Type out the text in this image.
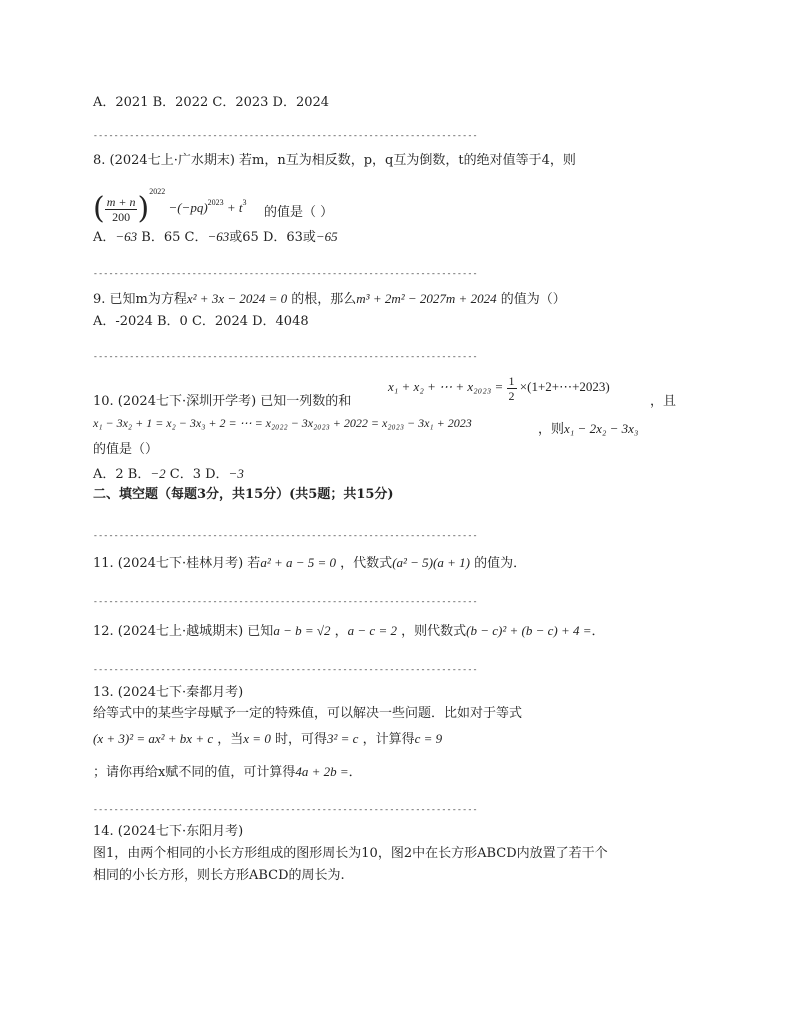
A．2021 B．2022 C．2023 D．2024
--------------------------------------------------------------------------
8. (2024七上·广水期末) 若m，n互为相反数，p，q互为倒数，t的绝对值等于4，则
( $\frac{m + n}{200} )^{2022} -(-pq)^{2023} + t^3$
的值是（ ）
A．−63 B．65 C．−63或65 D．63或−65
--------------------------------------------------------------------------
9. 已知m为方程x² + 3x − 2024 = 0 的根，那么m³ + 2m² − 2027m + 2024 的值为（）
A．-2024 B．0 C．2024 D．4048
--------------------------------------------------------------------------
x₁ + x₂ + ⋯ + $x_{2023} = \frac{1}{2}$ ×(1+2+⋯+2023)
10. (2024七下·深圳开学考) 已知一列数的和	，且
x₁ − 3x₂ + 1 = x₂ − 3x₃ + 2 = ⋯ = x₂₀₂₂ − 3x₂₀₂₃ + 2022 = x₂₀₂₃ − 3x₁ + 2023	，则x₁ − 2x₂ − 3x₃
的值是（）
A．2 B．−2 C．3 D．−3
二、填空题（每题3分，共15分）(共5题；共15分)
--------------------------------------------------------------------------
11. (2024七下·桂林月考) 若a² + a − 5 = 0 ，代数式(a² − 5)(a + 1) 的值为．
--------------------------------------------------------------------------
12. (2024七上·越城期末) 已知a − b = √2 ，a − c = 2 ，则代数式(b − c)² + (b − c) + 4 =．
--------------------------------------------------------------------------
13. (2024七下·秦都月考)
给等式中的某些字母赋予一定的特殊值，可以解决一些问题．比如对于等式
(x + 3)² = ax² + bx + c ，当x = 0 时，可得3² = c ，计算得c = 9
；请你再给x赋不同的值，可计算得4a + 2b =．
--------------------------------------------------------------------------
14. (2024七下·东阳月考)
图1，由两个相同的小长方形组成的图形周长为10，图2中在长方形ABCD内放置了若干个
相同的小长方形，则长方形ABCD的周长为.
